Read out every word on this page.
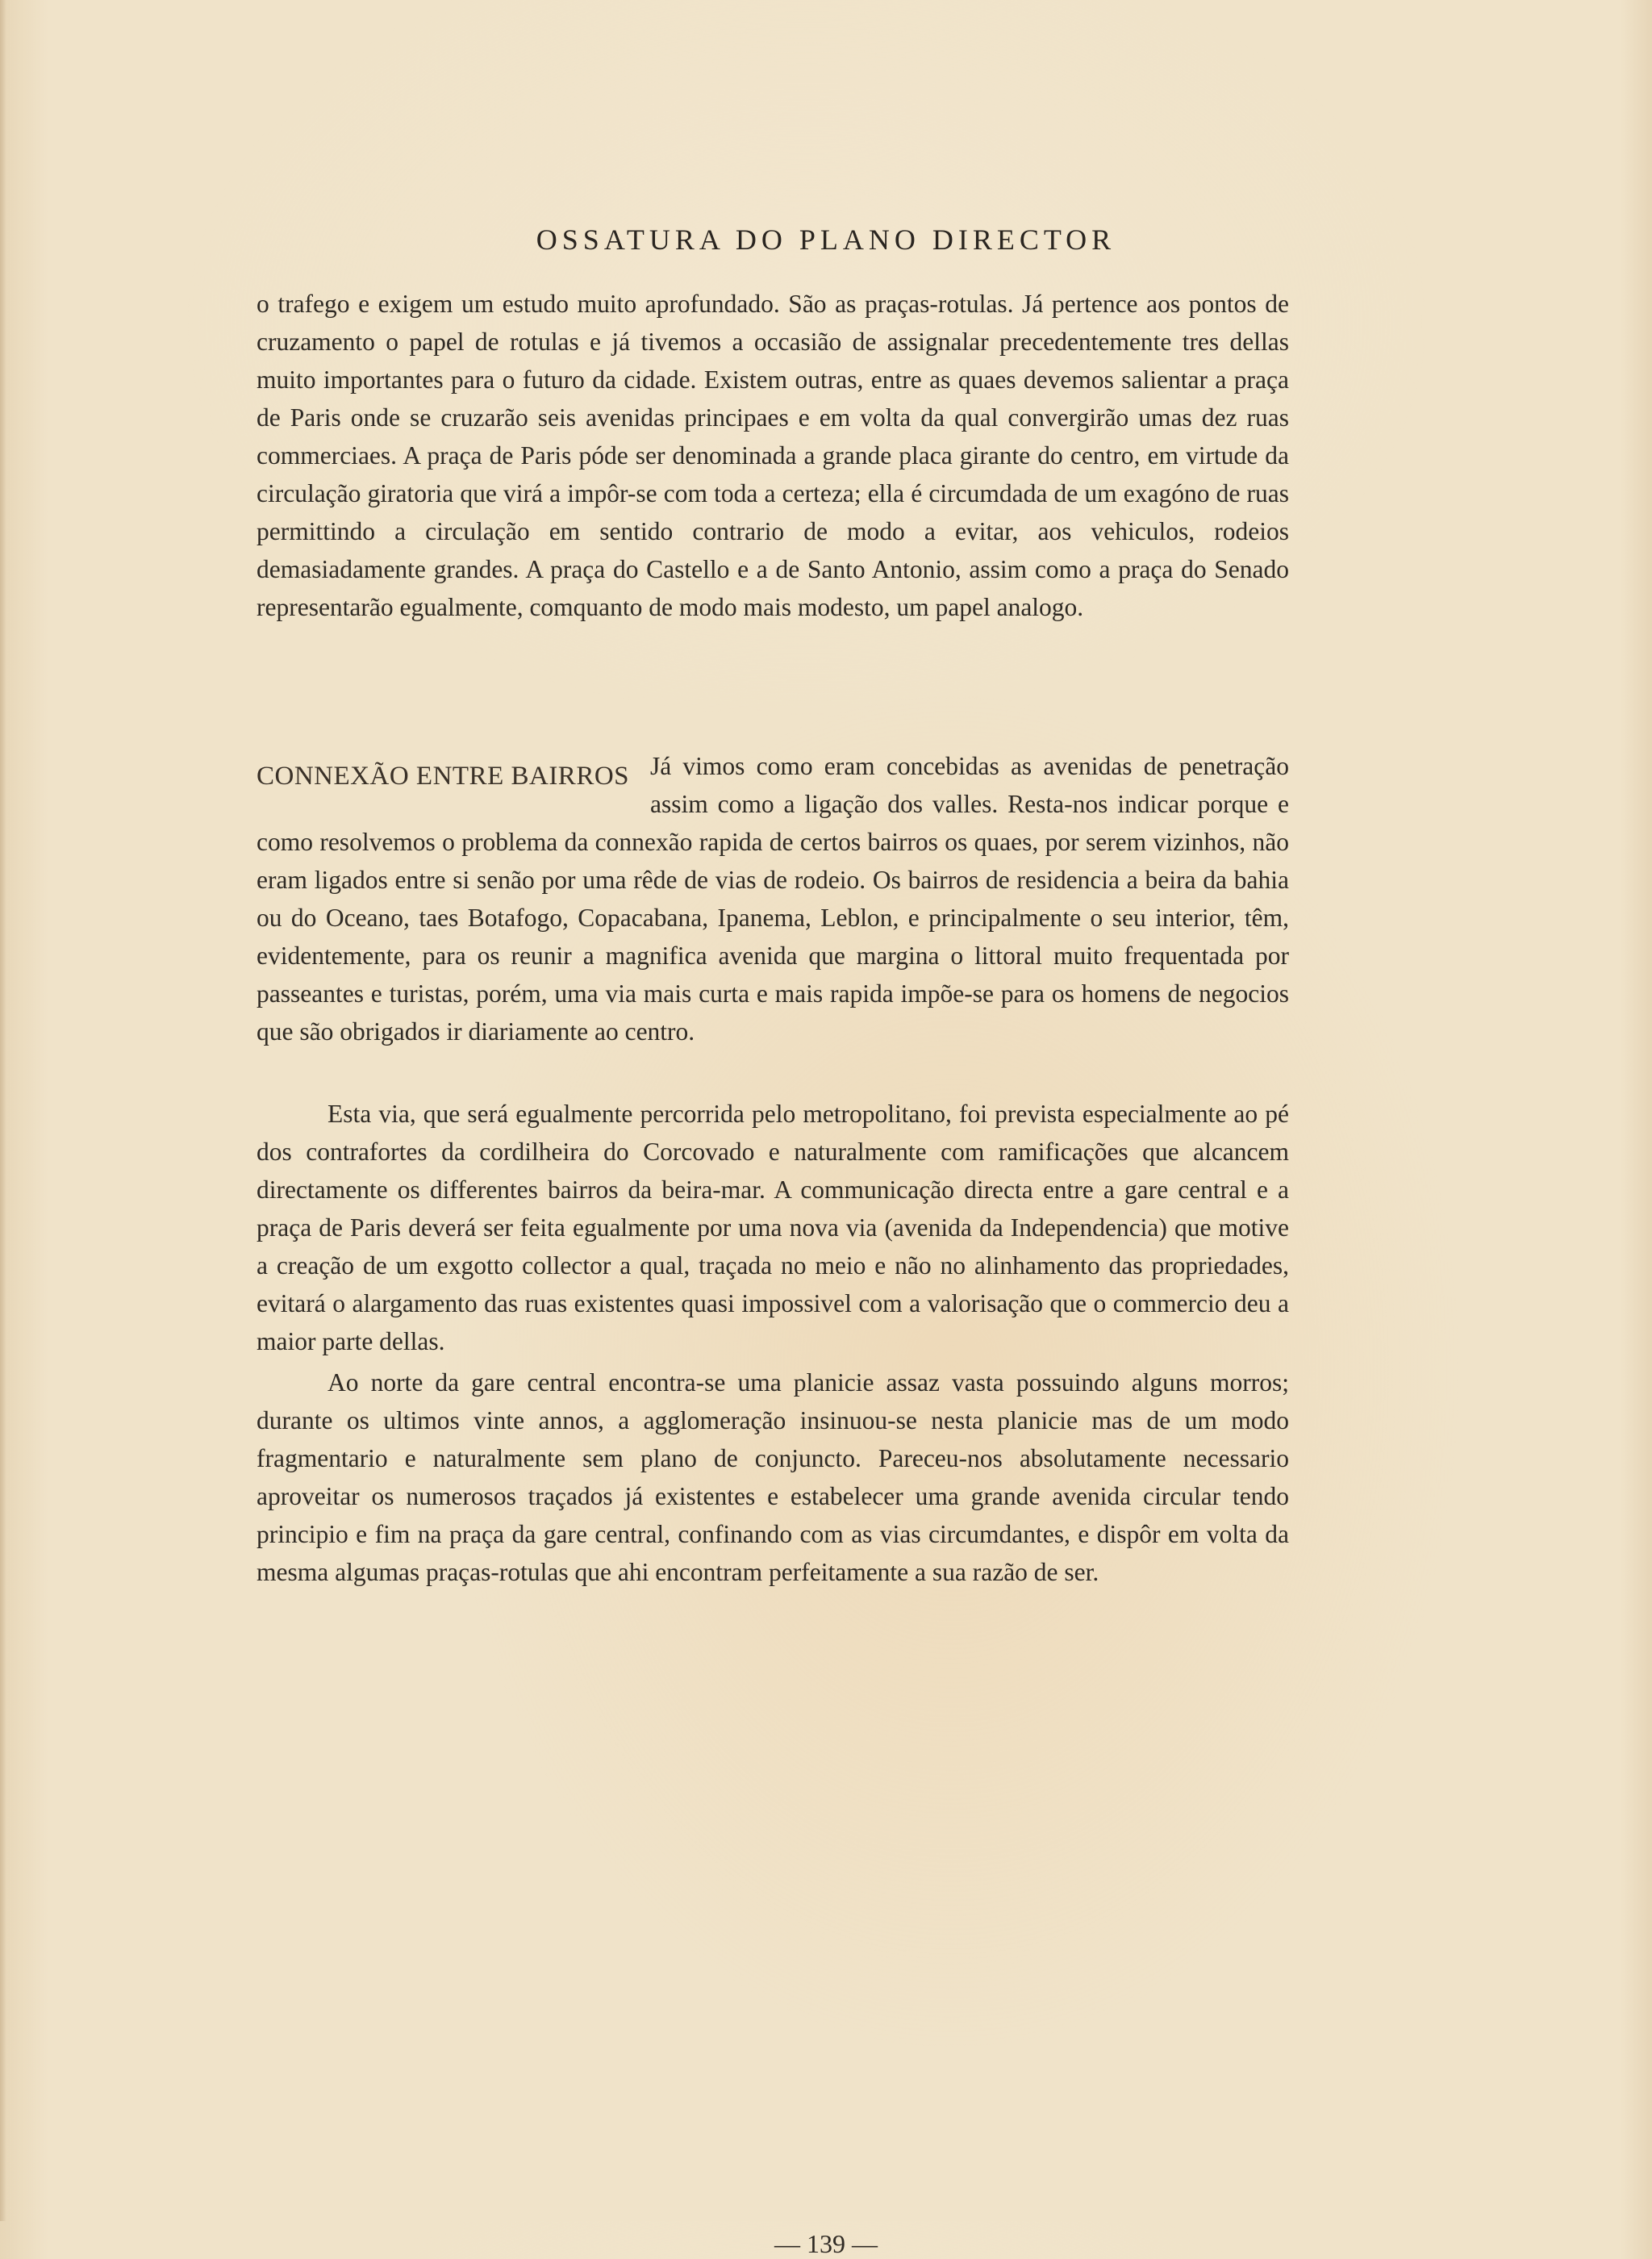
OSSATURA DO PLANO DIRECTOR

o trafego e exigem um estudo muito aprofundado. São as praças-rotulas. Já pertence aos pontos de cruzamento o papel de rotulas e já tivemos a occasião de assignalar precedentemente tres dellas muito importantes para o futuro da cidade. Existem outras, entre as quaes devemos salientar a praça de Paris onde se cruzarão seis avenidas principaes e em volta da qual convergirão umas dez ruas commerciaes. A praça de Paris póde ser denominada a grande placa girante do centro, em virtude da circulação giratoria que virá a impôr-se com toda a certeza; ella é circumdada de um exagóno de ruas permittindo a circulação em sentido contrario de modo a evitar, aos vehiculos, rodeios demasiadamente grandes. A praça do Castello e a de Santo Antonio, assim como a praça do Senado representarão egualmente, comquanto de modo mais modesto, um papel analogo.

CONNEXÃO ENTRE BAIRROS Já vimos como eram concebidas as avenidas de penetração assim como a ligação dos valles. Resta-nos indicar porque e como resolvemos o problema da connexão rapida de certos bairros os quaes, por serem vizinhos, não eram ligados entre si senão por uma rêde de vias de rodeio. Os bairros de residencia a beira da bahia ou do Oceano, taes Botafogo, Copacabana, Ipanema, Leblon, e principalmente o seu interior, têm, evidentemente, para os reunir a magnifica avenida que margina o littoral muito frequentada por passeantes e turistas, porém, uma via mais curta e mais rapida impõe-se para os homens de negocios que são obrigados ir diariamente ao centro.

Esta via, que será egualmente percorrida pelo metropolitano, foi prevista especialmente ao pé dos contrafortes da cordilheira do Corcovado e naturalmente com ramificações que alcancem directamente os differentes bairros da beira-mar. A communicação directa entre a gare central e a praça de Paris deverá ser feita egualmente por uma nova via (avenida da Independencia) que motive a creação de um exgotto collector a qual, traçada no meio e não no alinhamento das propriedades, evitará o alargamento das ruas existentes quasi impossivel com a valorisação que o commercio deu a maior parte dellas.

Ao norte da gare central encontra-se uma planicie assaz vasta possuindo alguns morros; durante os ultimos vinte annos, a agglomeração insinuou-se nesta planicie mas de um modo fragmentario e naturalmente sem plano de conjuncto. Pareceu-nos absolutamente necessario aproveitar os numerosos traçados já existentes e estabelecer uma grande avenida circular tendo principio e fim na praça da gare central, confinando com as vias circumdantes, e dispôr em volta da mesma algumas praças-rotulas que ahi encontram perfeitamente a sua razão de ser.

— 139 —
